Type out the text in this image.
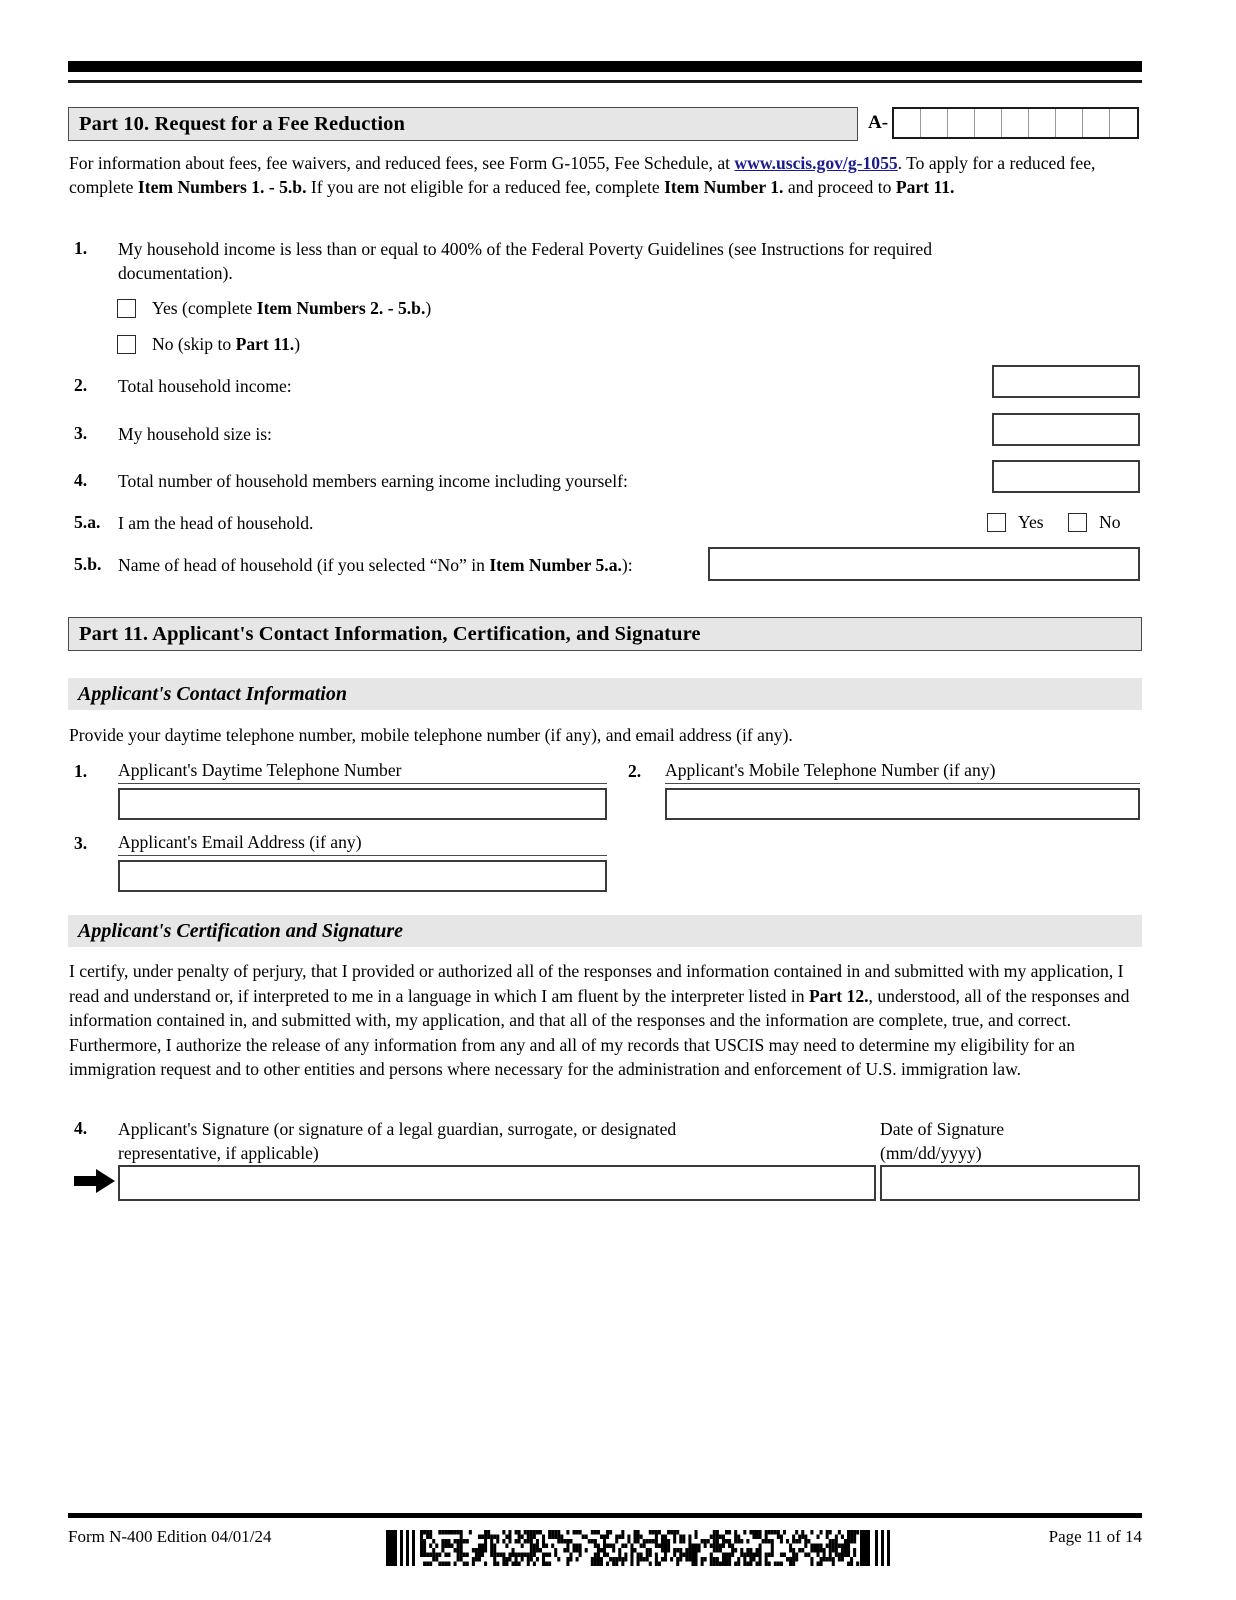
Part 10. Request for a Fee Reduction	A-
For information about fees, fee waivers, and reduced fees, see Form G-1055, Fee Schedule, at www.uscis.gov/g-1055. To apply for a reduced fee, complete Item Numbers 1. - 5.b. If you are not eligible for a reduced fee, complete Item Number 1. and proceed to Part 11.
1. My household income is less than or equal to 400% of the Federal Poverty Guidelines (see Instructions for required
documentation).
Yes (complete Item Numbers 2. - 5.b.)
No (skip to Part 11.)
2. Total household income:
3. My household size is:
4. Total number of household members earning income including yourself:
5.a. I am the head of household.	Yes	No
5.b. Name of head of household (if you selected “No” in Item Number 5.a.):
Part 11. Applicant's Contact Information, Certification, and Signature
Applicant's Contact Information
Provide your daytime telephone number, mobile telephone number (if any), and email address (if any).
1. Applicant's Daytime Telephone Number	2. Applicant's Mobile Telephone Number (if any)
3. Applicant's Email Address (if any)
Applicant's Certification and Signature
I certify, under penalty of perjury, that I provided or authorized all of the responses and information contained in and submitted with my application, I read and understand or, if interpreted to me in a language in which I am fluent by the interpreter listed in Part 12., understood, all of the responses and information contained in, and submitted with, my application, and that all of the responses and the information are complete, true, and correct. Furthermore, I authorize the release of any information from any and all of my records that USCIS may need to determine my eligibility for an immigration request and to other entities and persons where necessary for the administration and enforcement of U.S. immigration law.
4. Applicant's Signature (or signature of a legal guardian, surrogate, or designated
representative, if applicable)
Date of Signature
(mm/dd/yyyy)
Form N-400 Edition 04/01/24	Page 11 of 14
